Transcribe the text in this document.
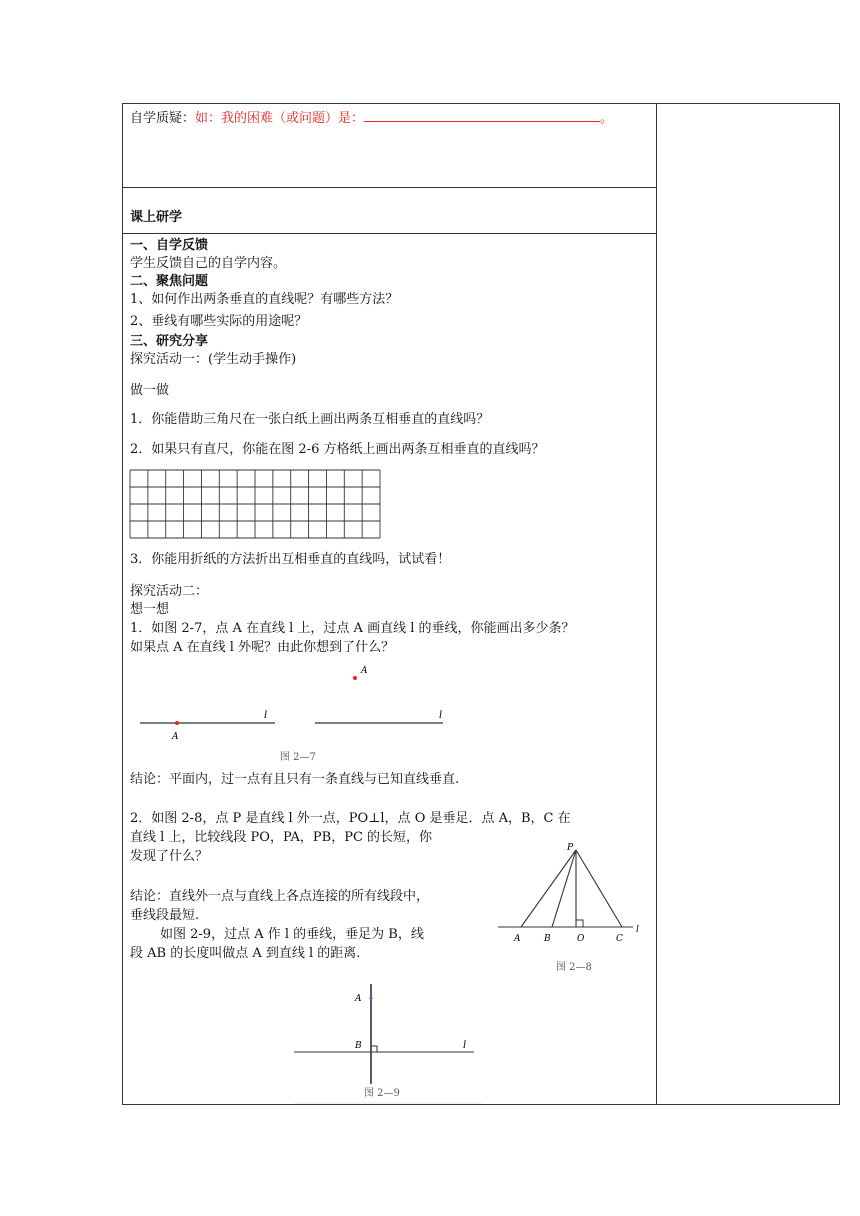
自学质疑：如：我的困难（或问题）是：	。
课上研学
一、自学反馈
学生反馈自己的自学内容。
二、聚焦问题
1、如何作出两条垂直的直线呢？有哪些方法？
2、垂线有哪些实际的用途呢？
三、研究分享
探究活动一：(学生动手操作)
做一做
1．你能借助三角尺在一张白纸上画出两条互相垂直的直线吗？
2．如果只有直尺，你能在图 2-6 方格纸上画出两条互相垂直的直线吗？
3．你能用折纸的方法折出互相垂直的直线吗，试试看！
探究活动二：
想一想
1．如图 2-7，点 A 在直线 l 上，过点 A 画直线 l 的垂线，你能画出多少条？
如果点 A 在直线 l 外呢？由此你想到了什么？
A
l
A
l
图 2—7
结论：平面内，过一点有且只有一条直线与已知直线垂直.
2．如图 2-8，点 P 是直线 l 外一点，PO⊥l，点 O 是垂足．点 A，B，C 在
直线 l 上，比较线段 PO，PA，PB，PC 的长短，你
发现了什么？
结论：直线外一点与直线上各点连接的所有线段中，
垂线段最短.
如图 2-9，过点 A 作 l 的垂线，垂足为 B，线
段 AB 的长度叫做点 A 到直线 l 的距离.
P
A	B	O	C
l
图 2—8
A
B	l
图 2—9
